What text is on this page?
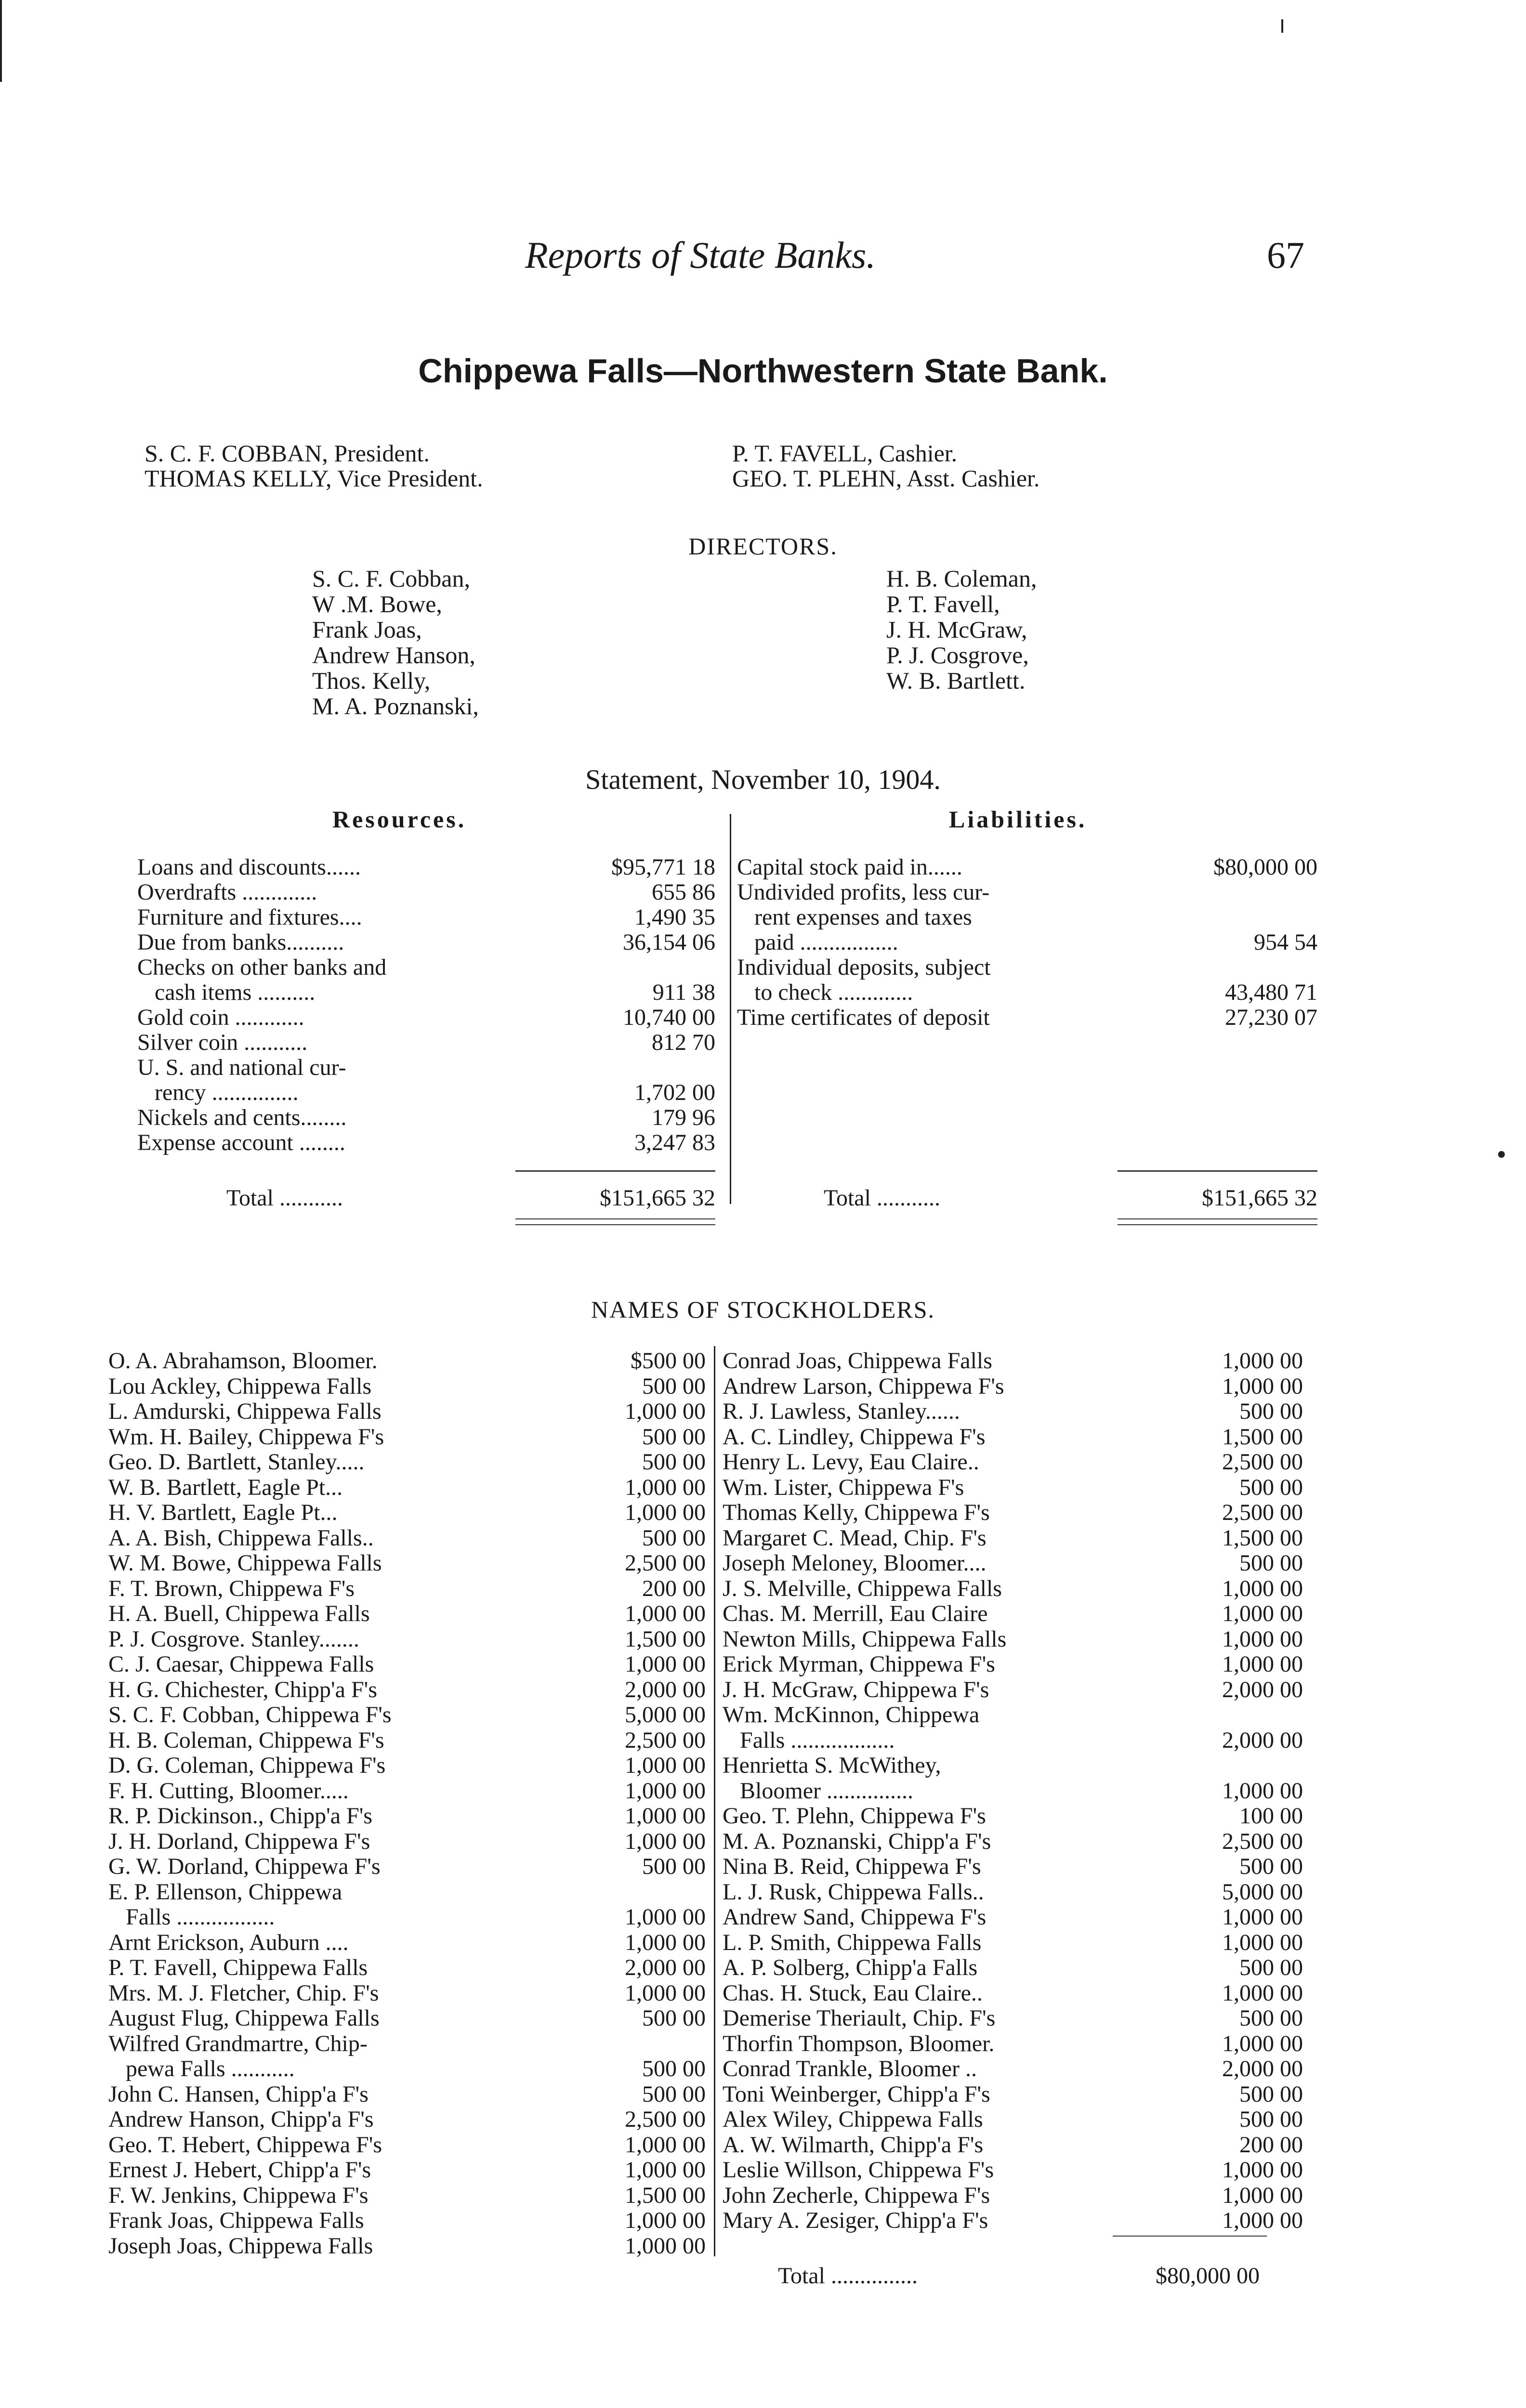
Reports of State Banks.	67
Chippewa Falls—Northwestern State Bank.
S. C. F. COBBAN, President.
THOMAS KELLY, Vice President.
P. T. FAVELL, Cashier.
GEO. T. PLEHN, Asst. Cashier.
DIRECTORS.
S. C. F. Cobban,
W .M. Bowe,
Frank Joas,
Andrew Hanson,
Thos. Kelly,
M. A. Poznanski,
H. B. Coleman,
P. T. Favell,
J. H. McGraw,
P. J. Cosgrove,
W. B. Bartlett.
Statement, November 10, 1904.
Resources.	Liabilities.
Loans and discounts......	$95,771 18
Overdrafts .............	655 86
Furniture and fixtures....	1,490 35
Due from banks..........	36,154 06
Checks on other banks and
cash items ..........	911 38
Gold coin ............	10,740 00
Silver coin ...........	812 70
U. S. and national cur-
rency ...............	1,702 00
Nickels and cents........	179 96
Expense account ........	3,247 83
Total ...........	$151,665 32
Capital stock paid in......	$80,000 00
Undivided profits, less cur-
rent expenses and taxes
paid .................	954 54
Individual deposits, subject
to check .............	43,480 71
Time certificates of deposit	27,230 07
Total ...........	$151,665 32
NAMES OF STOCKHOLDERS.
O. A. Abrahamson, Bloomer.	$500 00
Lou Ackley, Chippewa Falls	500 00
L. Amdurski, Chippewa Falls	1,000 00
Wm. H. Bailey, Chippewa F's	500 00
Geo. D. Bartlett, Stanley.....	500 00
W. B. Bartlett, Eagle Pt...	1,000 00
H. V. Bartlett, Eagle Pt...	1,000 00
A. A. Bish, Chippewa Falls..	500 00
W. M. Bowe, Chippewa Falls	2,500 00
F. T. Brown, Chippewa F's	200 00
H. A. Buell, Chippewa Falls	1,000 00
P. J. Cosgrove. Stanley.......	1,500 00
C. J. Caesar, Chippewa Falls	1,000 00
H. G. Chichester, Chipp'a F's	2,000 00
S. C. F. Cobban, Chippewa F's	5,000 00
H. B. Coleman, Chippewa F's	2,500 00
D. G. Coleman, Chippewa F's	1,000 00
F. H. Cutting, Bloomer.....	1,000 00
R. P. Dickinson., Chipp'a F's	1,000 00
J. H. Dorland, Chippewa F's	1,000 00
G. W. Dorland, Chippewa F's	500 00
E. P. Ellenson, Chippewa
Falls .................	1,000 00
Arnt Erickson, Auburn ....	1,000 00
P. T. Favell, Chippewa Falls	2,000 00
Mrs. M. J. Fletcher, Chip. F's	1,000 00
August Flug, Chippewa Falls	500 00
Wilfred Grandmartre, Chip-
pewa Falls ...........	500 00
John C. Hansen, Chipp'a F's	500 00
Andrew Hanson, Chipp'a F's	2,500 00
Geo. T. Hebert, Chippewa F's	1,000 00
Ernest J. Hebert, Chipp'a F's	1,000 00
F. W. Jenkins, Chippewa F's	1,500 00
Frank Joas, Chippewa Falls	1,000 00
Joseph Joas, Chippewa Falls	1,000 00
Conrad Joas, Chippewa Falls	1,000 00
Andrew Larson, Chippewa F's	1,000 00
R. J. Lawless, Stanley......	500 00
A. C. Lindley, Chippewa F's	1,500 00
Henry L. Levy, Eau Claire..	2,500 00
Wm. Lister, Chippewa F's	500 00
Thomas Kelly, Chippewa F's	2,500 00
Margaret C. Mead, Chip. F's	1,500 00
Joseph Meloney, Bloomer....	500 00
J. S. Melville, Chippewa Falls	1,000 00
Chas. M. Merrill, Eau Claire	1,000 00
Newton Mills, Chippewa Falls	1,000 00
Erick Myrman, Chippewa F's	1,000 00
J. H. McGraw, Chippewa F's	2,000 00
Wm. McKinnon, Chippewa
Falls ..................	2,000 00
Henrietta S. McWithey,
Bloomer ...............	1,000 00
Geo. T. Plehn, Chippewa F's	100 00
M. A. Poznanski, Chipp'a F's	2,500 00
Nina B. Reid, Chippewa F's	500 00
L. J. Rusk, Chippewa Falls..	5,000 00
Andrew Sand, Chippewa F's	1,000 00
L. P. Smith, Chippewa Falls	1,000 00
A. P. Solberg, Chipp'a Falls	500 00
Chas. H. Stuck, Eau Claire..	1,000 00
Demerise Theriault, Chip. F's	500 00
Thorfin Thompson, Bloomer.	1,000 00
Conrad Trankle, Bloomer ..	2,000 00
Toni Weinberger, Chipp'a F's	500 00
Alex Wiley, Chippewa Falls	500 00
A. W. Wilmarth, Chipp'a F's	200 00
Leslie Willson, Chippewa F's	1,000 00
John Zecherle, Chippewa F's	1,000 00
Mary A. Zesiger, Chipp'a F's	1,000 00
Total ...............	$80,000 00
